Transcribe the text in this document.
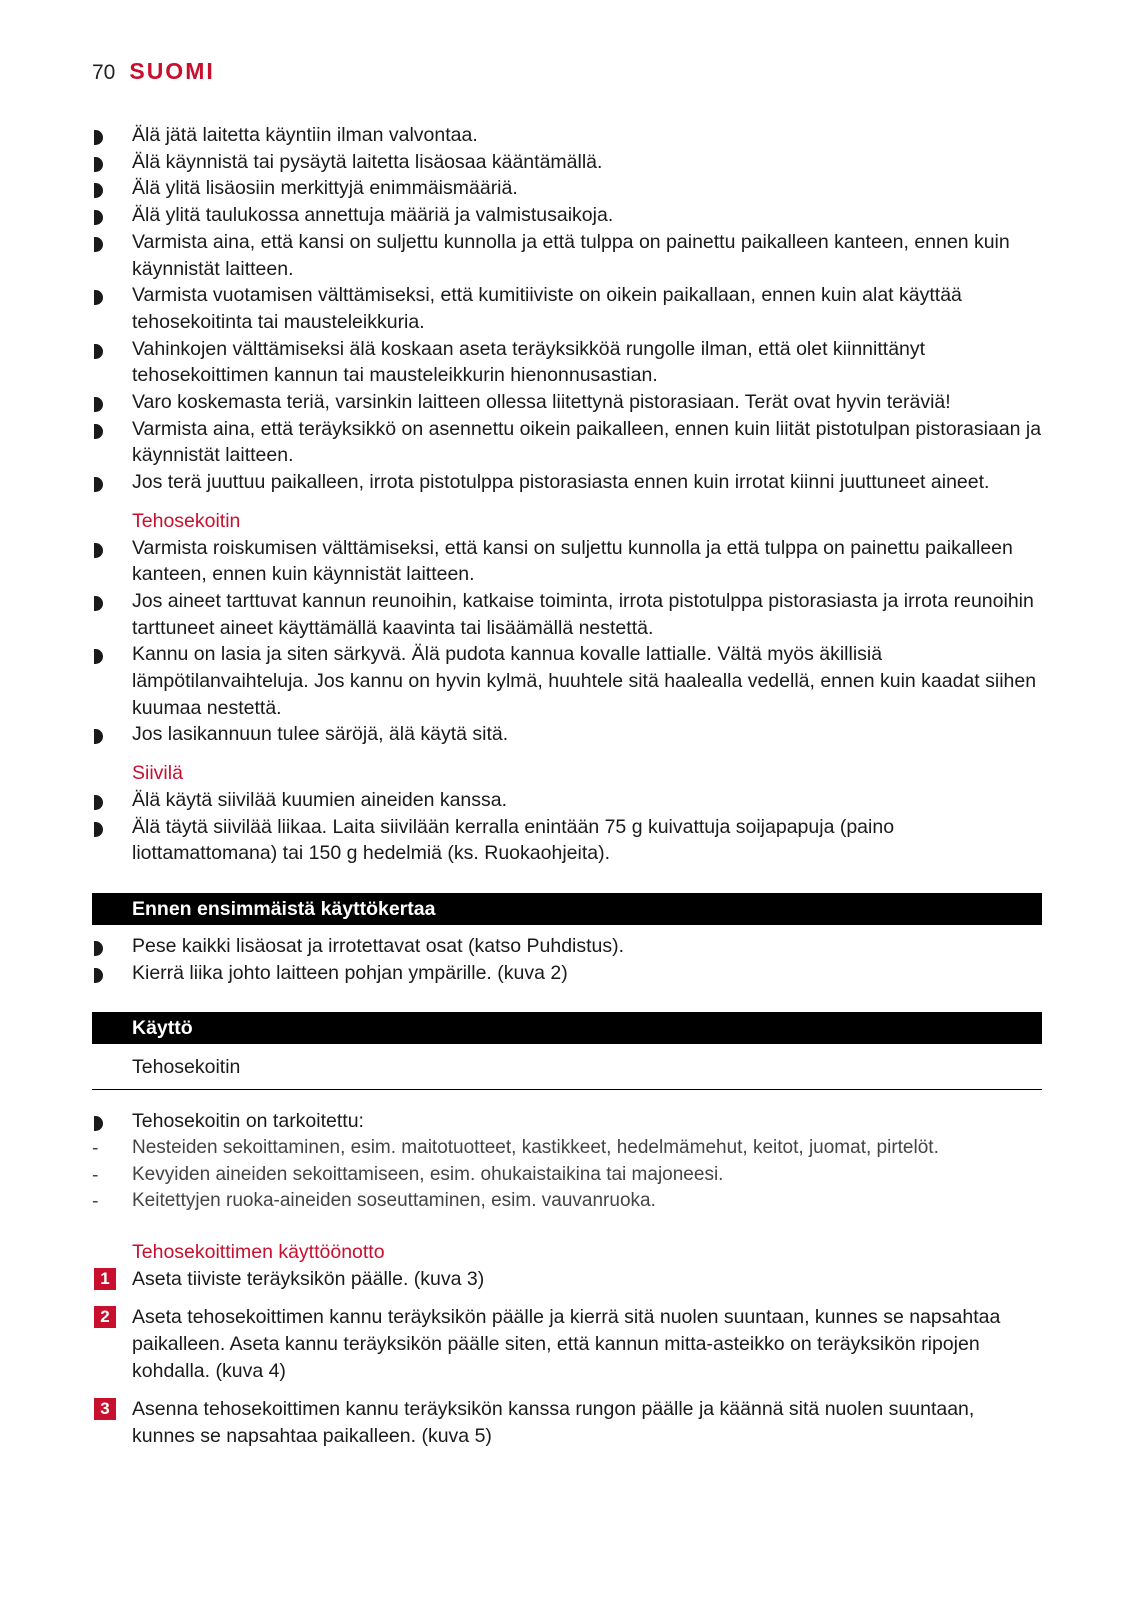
70 SUOMI
Älä jätä laitetta käyntiin ilman valvontaa.
Älä käynnistä tai pysäytä laitetta lisäosaa kääntämällä.
Älä ylitä lisäosiin merkittyjä enimmäismääriä.
Älä ylitä taulukossa annettuja määriä ja valmistusaikoja.
Varmista aina, että kansi on suljettu kunnolla ja että tulppa on painettu paikalleen kanteen, ennen kuin käynnistät laitteen.
Varmista vuotamisen välttämiseksi, että kumitiiviste on oikein paikallaan, ennen kuin alat käyttää tehosekoitinta tai mausteleikkuria.
Vahinkojen välttämiseksi älä koskaan aseta teräyksikköä rungolle ilman, että olet kiinnittänyt tehosekoittimen kannun tai mausteleikkurin hienonnusastian.
Varo koskemasta teriä, varsinkin laitteen ollessa liitettynä pistorasiaan. Terät ovat hyvin teräviä!
Varmista aina, että teräyksikkö on asennettu oikein paikalleen, ennen kuin liität pistotulpan pistorasiaan ja käynnistät laitteen.
Jos terä juuttuu paikalleen, irrota pistotulppa pistorasiasta ennen kuin irrotat kiinni juuttuneet aineet.
Tehosekoitin
Varmista roiskumisen välttämiseksi, että kansi on suljettu kunnolla ja että tulppa on painettu paikalleen kanteen, ennen kuin käynnistät laitteen.
Jos aineet tarttuvat kannun reunoihin, katkaise toiminta, irrota pistotulppa pistorasiasta ja irrota reunoihin tarttuneet aineet käyttämällä kaavinta tai lisäämällä nestettä.
Kannu on lasia ja siten särkyvä. Älä pudota kannua kovalle lattialle. Vältä myös äkillisiä lämpötilanvaihteluja. Jos kannu on hyvin kylmä, huuhtele sitä haalealla vedellä, ennen kuin kaadat siihen kuumaa nestettä.
Jos lasikannuun tulee säröjä, älä käytä sitä.
Siivilä
Älä käytä siivilää kuumien aineiden kanssa.
Älä täytä siivilää liikaa. Laita siivilään kerralla enintään 75 g kuivattuja soijapapuja (paino liottamattomana) tai 150 g hedelmiä (ks. Ruokaohjeita).
Ennen ensimmäistä käyttökertaa
Pese kaikki lisäosat ja irrotettavat osat (katso Puhdistus).
Kierrä liika johto laitteen pohjan ympärille. (kuva 2)
Käyttö
Tehosekoitin
Tehosekoitin on tarkoitettu:
- Nesteiden sekoittaminen, esim. maitotuotteet, kastikkeet, hedelmämehut, keitot, juomat, pirtelöt.
- Kevyiden aineiden sekoittamiseen, esim. ohukaistaikina tai majoneesi.
- Keitettyjen ruoka-aineiden soseuttaminen, esim. vauvanruoka.
Tehosekoittimen käyttöönotto
1	Aseta tiiviste teräyksikön päälle. (kuva 3)
2	Aseta tehosekoittimen kannu teräyksikön päälle ja kierrä sitä nuolen suuntaan, kunnes se napsahtaa paikalleen. Aseta kannu teräyksikön päälle siten, että kannun mitta-asteikko on teräyksikön ripojen kohdalla. (kuva 4)
3	Asenna tehosekoittimen kannu teräyksikön kanssa rungon päälle ja käännä sitä nuolen suuntaan, kunnes se napsahtaa paikalleen. (kuva 5)
